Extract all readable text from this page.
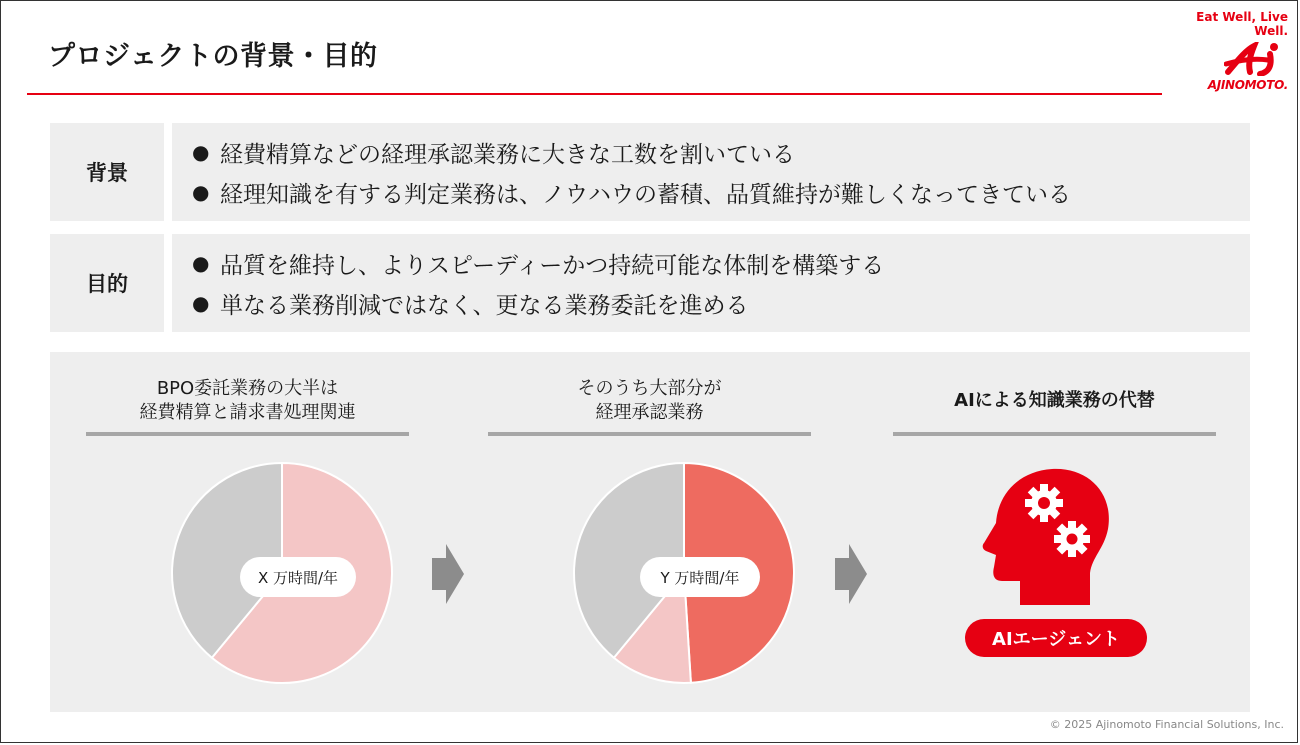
プロジェクトの背景・目的
Eat Well, Live Well.
AJINOMOTO.
背景
● 経費精算などの経理承認業務に大きな工数を割いている
● 経理知識を有する判定業務は、ノウハウの蓄積、品質維持が難しくなってきている
目的
● 品質を維持し、よりスピーディーかつ持続可能な体制を構築する
● 単なる業務削減ではなく、更なる業務委託を進める
BPO委託業務の大半は
経費精算と請求書処理関連
X 万時間/年
そのうち大部分が
経理承認業務
Y 万時間/年
AIによる知識業務の代替
AIエージェント
© 2025 Ajinomoto Financial Solutions, Inc.
